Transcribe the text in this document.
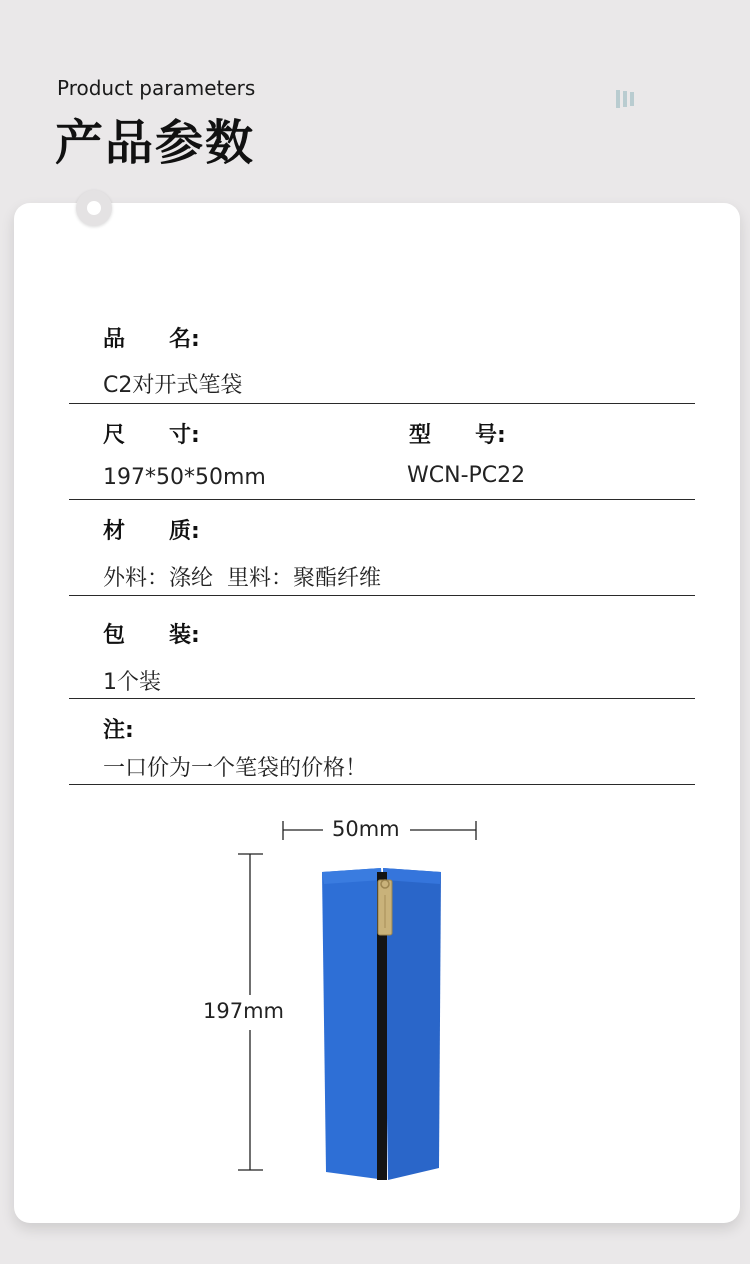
Product parameters
产品参数
品　　名:
C2对开式笔袋
尺　　寸:
197*50*50mm
型　　号:
WCN-PC22
材　　质:
外料：涤纶  里料：聚酯纤维
包　　装:
1个装
注:
一口价为一个笔袋的价格！
50mm
197mm
